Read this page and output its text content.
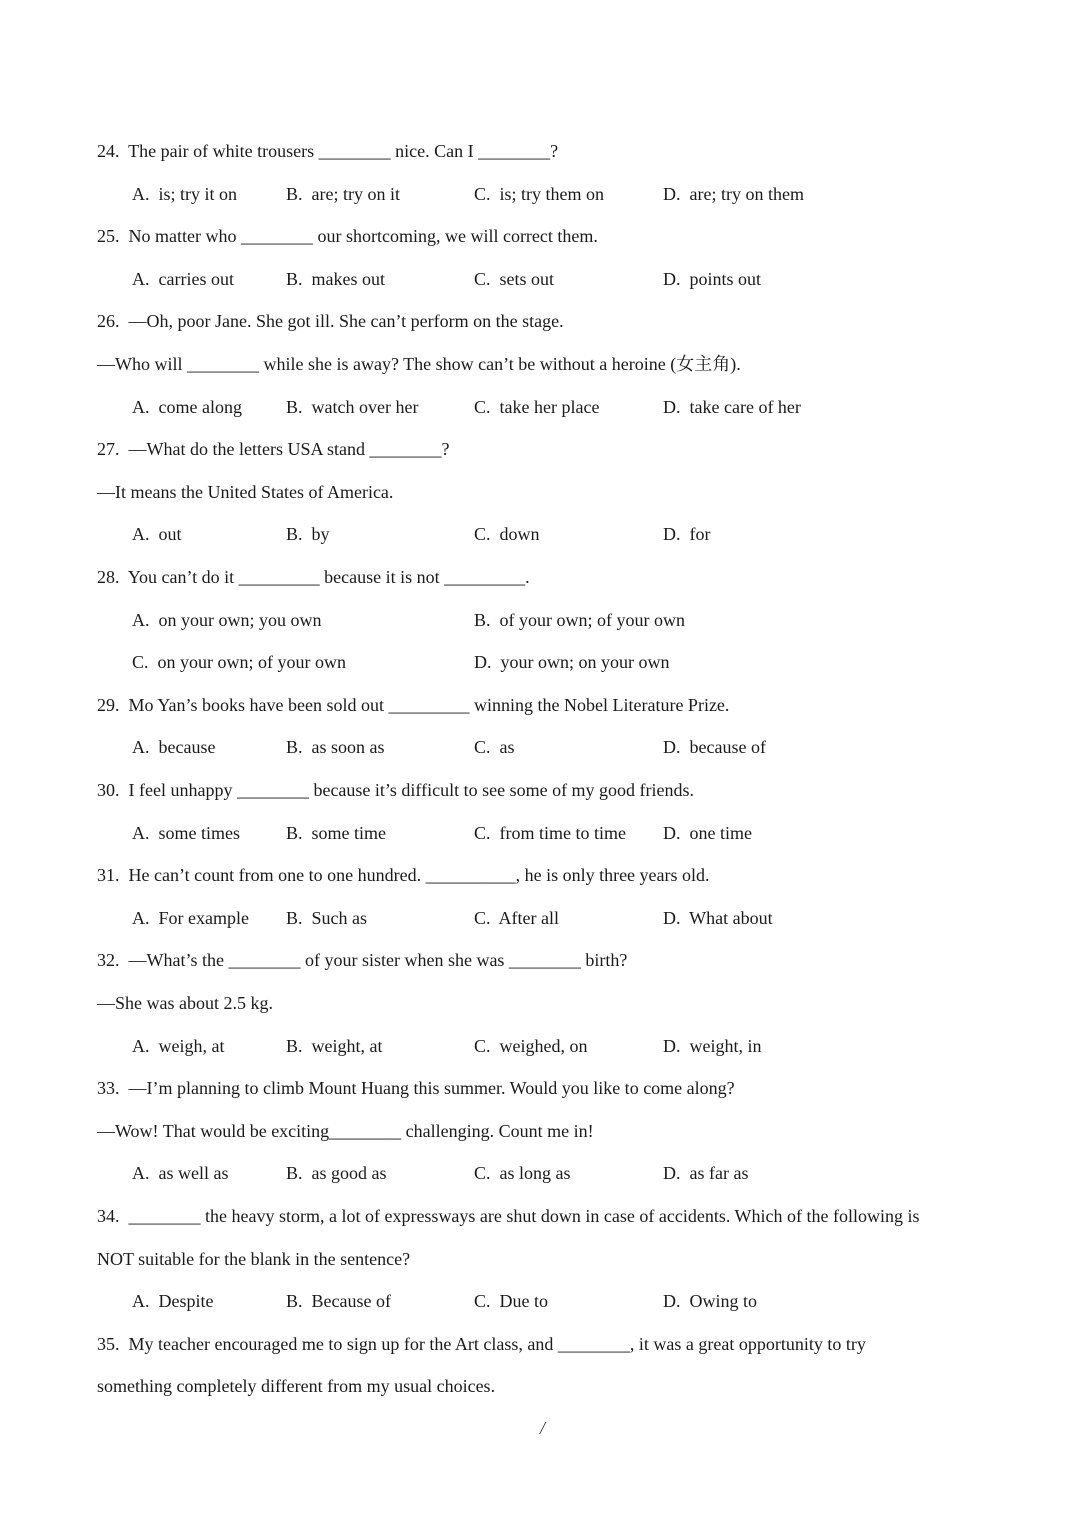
24.  The pair of white trousers ________ nice. Can I ________?
A.  is; try it on	B.  are; try on it	C.  is; try them on	D.  are; try on them
25.  No matter who ________ our shortcoming, we will correct them.
A.  carries out	B.  makes out	C.  sets out	D.  points out
26.  —Oh, poor Jane. She got ill. She can’t perform on the stage.
—Who will ________ while she is away? The show can’t be without a heroine (女主角).
A.  come along B.  watch over her	C.  take her place	D.  take care of her
27.  —What do the letters USA stand ________?
—It means the United States of America.
A.  out	B.  by	C.  down	D.  for
28.  You can’t do it _________ because it is not _________.
A.  on your own; you own	B.  of your own; of your own
C.  on your own; of your own	D.  your own; on your own
29.  Mo Yan’s books have been sold out _________ winning the Nobel Literature Prize.
A.  because	B.  as soon as	C.  as	D.  because of
30.  I feel unhappy ________ because it’s difficult to see some of my good friends.
A.  some times	B.  some time	C.  from time to time D.  one time
31.  He can’t count from one to one hundred. __________, he is only three years old.
A.  For example B.  Such as	C.  After all	D.  What about
32.  —What’s the ________ of your sister when she was ________ birth?
—She was about 2.5 kg.
A.  weigh, at	B.  weight, at	C.  weighed, on	D.  weight, in
33.  —I’m planning to climb Mount Huang this summer. Would you like to come along?
—Wow! That would be exciting________ challenging. Count me in!
A.  as well as	B.  as good as	C.  as long as	D.  as far as
34.  ________ the heavy storm, a lot of expressways are shut down in case of accidents. Which of the following is
NOT suitable for the blank in the sentence?
A.  Despite	B.  Because of	C.  Due to	D.  Owing to
35.  My teacher encouraged me to sign up for the Art class, and ________, it was a great opportunity to try
something completely different from my usual choices.
/
